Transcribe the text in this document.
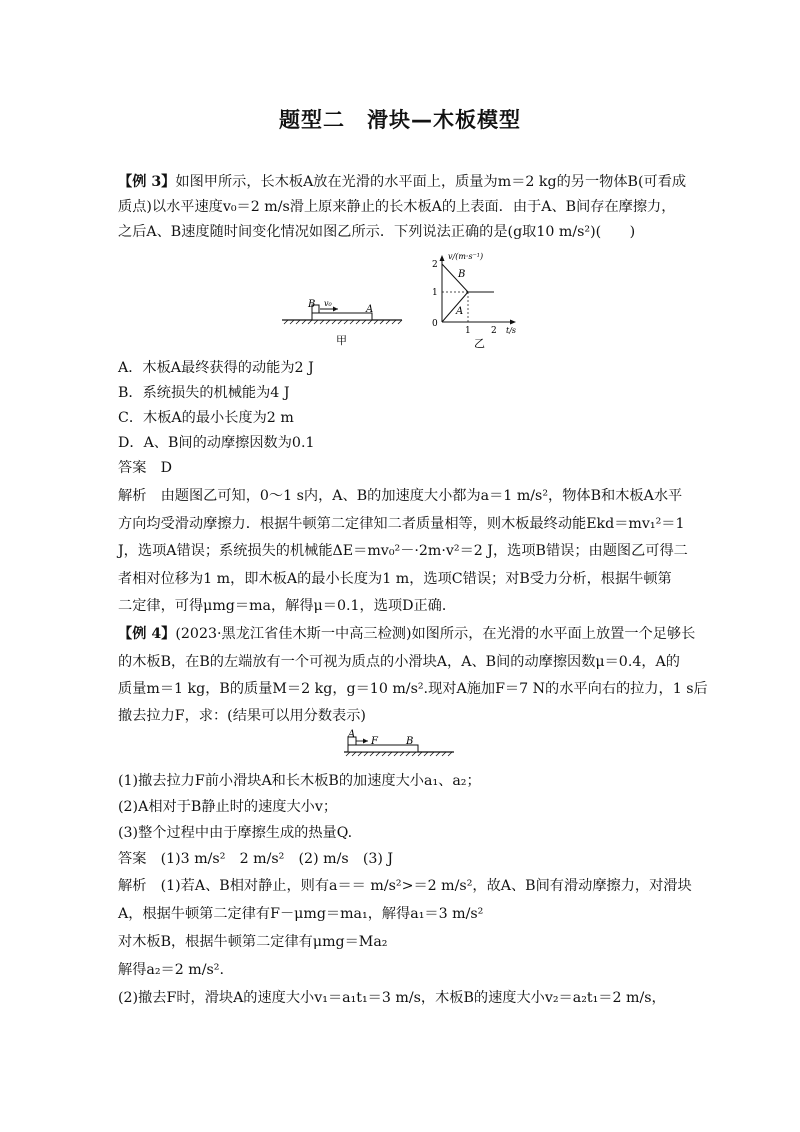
题型二　滑块—木板模型
【例 3】如图甲所示，长木板A放在光滑的水平面上，质量为m＝2 kg的另一物体B(可看成
质点)以水平速度v₀＝2 m/s滑上原来静止的长木板A的上表面．由于A、B间存在摩擦力，
之后A、B速度随时间变化情况如图乙所示．下列说法正确的是(g取10 m/s²)(　　)
B v₀
A
甲
v/(m·s⁻¹)
2
1
0
1 2 t/s
B
A
乙
A．木板A最终获得的动能为2 J
B．系统损失的机械能为4 J
C．木板A的最小长度为2 m
D．A、B间的动摩擦因数为0.1
答案　D
解析　由题图乙可知，0～1 s内，A、B的加速度大小都为a＝1 m/s²，物体B和木板A水平
方向均受滑动摩擦力．根据牛顿第二定律知二者质量相等，则木板最终动能Ekd＝mv₁²＝1
J，选项A错误；系统损失的机械能ΔE＝mv₀²－·2m·v²＝2 J，选项B错误；由题图乙可得二
者相对位移为1 m，即木板A的最小长度为1 m，选项C错误；对B受力分析，根据牛顿第
二定律，可得μmg＝ma，解得μ＝0.1，选项D正确．
【例 4】(2023·黑龙江省佳木斯一中高三检测)如图所示，在光滑的水平面上放置一个足够长
的木板B，在B的左端放有一个可视为质点的小滑块A，A、B间的动摩擦因数μ＝0.4，A的
质量m＝1 kg，B的质量M＝2 kg，g＝10 m/s².现对A施加F＝7 N的水平向右的拉力，1 s后
撤去拉力F，求：(结果可以用分数表示)
A
F	B
(1)撤去拉力F前小滑块A和长木板B的加速度大小a₁、a₂；
(2)A相对于B静止时的速度大小v；
(3)整个过程中由于摩擦生成的热量Q.
答案　(1)3 m/s²　2 m/s²　(2) m/s　(3) J
解析　(1)若A、B相对静止，则有a＝＝ m/s²>＝2 m/s²，故A、B间有滑动摩擦力，对滑块
A，根据牛顿第二定律有F－μmg＝ma₁，解得a₁＝3 m/s²
对木板B，根据牛顿第二定律有μmg＝Ma₂
解得a₂＝2 m/s².
(2)撤去F时，滑块A的速度大小v₁＝a₁t₁＝3 m/s，木板B的速度大小v₂＝a₂t₁＝2 m/s，
